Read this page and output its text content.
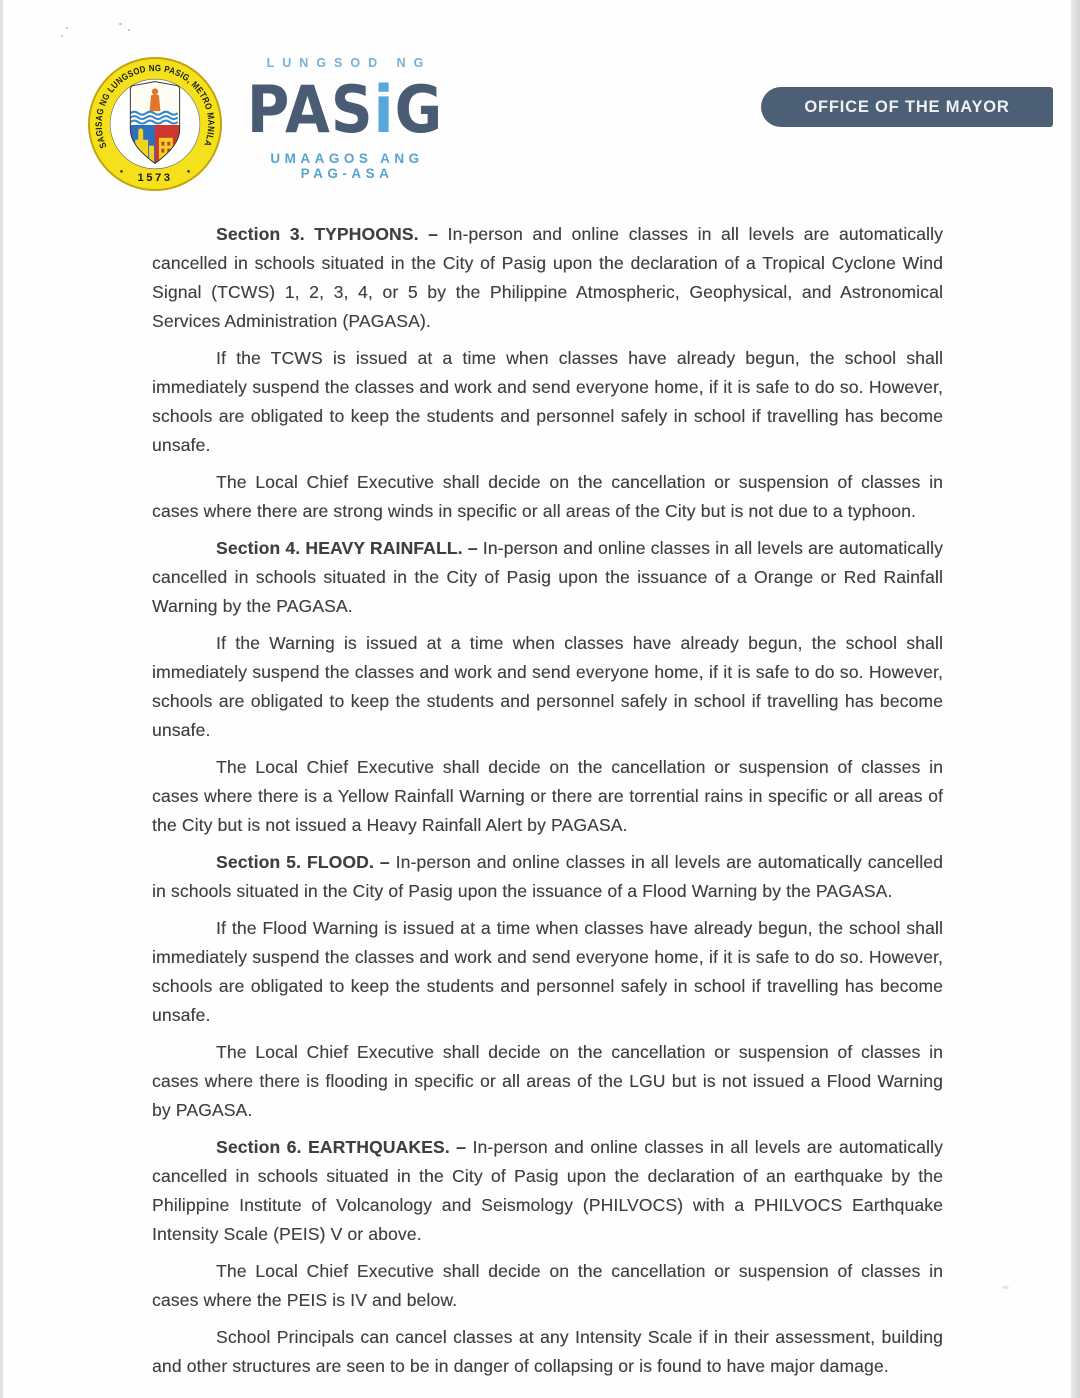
SAGISAG NG LUNGSOD NG PASIG, METRO MANILA
1573
LUNGSOD NG
PASiG
UMAAGOS ANG PAG-ASA
OFFICE OF THE MAYOR

Section 3. TYPHOONS. – In-person and online classes in all levels are automatically cancelled in schools situated in the City of Pasig upon the declaration of a Tropical Cyclone Wind Signal (TCWS) 1, 2, 3, 4, or 5 by the Philippine Atmospheric, Geophysical, and Astronomical Services Administration (PAGASA).

If the TCWS is issued at a time when classes have already begun, the school shall immediately suspend the classes and work and send everyone home, if it is safe to do so. However, schools are obligated to keep the students and personnel safely in school if travelling has become unsafe.

The Local Chief Executive shall decide on the cancellation or suspension of classes in cases where there are strong winds in specific or all areas of the City but is not due to a typhoon.

Section 4. HEAVY RAINFALL. – In-person and online classes in all levels are automatically cancelled in schools situated in the City of Pasig upon the issuance of a Orange or Red Rainfall Warning by the PAGASA.

If the Warning is issued at a time when classes have already begun, the school shall immediately suspend the classes and work and send everyone home, if it is safe to do so. However, schools are obligated to keep the students and personnel safely in school if travelling has become unsafe.

The Local Chief Executive shall decide on the cancellation or suspension of classes in cases where there is a Yellow Rainfall Warning or there are torrential rains in specific or all areas of the City but is not issued a Heavy Rainfall Alert by PAGASA.

Section 5. FLOOD. – In-person and online classes in all levels are automatically cancelled in schools situated in the City of Pasig upon the issuance of a Flood Warning by the PAGASA.

If the Flood Warning is issued at a time when classes have already begun, the school shall immediately suspend the classes and work and send everyone home, if it is safe to do so. However, schools are obligated to keep the students and personnel safely in school if travelling has become unsafe.

The Local Chief Executive shall decide on the cancellation or suspension of classes in cases where there is flooding in specific or all areas of the LGU but is not issued a Flood Warning by PAGASA.

Section 6. EARTHQUAKES. – In-person and online classes in all levels are automatically cancelled in schools situated in the City of Pasig upon the declaration of an earthquake by the Philippine Institute of Volcanology and Seismology (PHILVOCS) with a PHILVOCS Earthquake Intensity Scale (PEIS) V or above.

The Local Chief Executive shall decide on the cancellation or suspension of classes in cases where the PEIS is IV and below.

School Principals can cancel classes at any Intensity Scale if in their assessment, building and other structures are seen to be in danger of collapsing or is found to have major damage.
